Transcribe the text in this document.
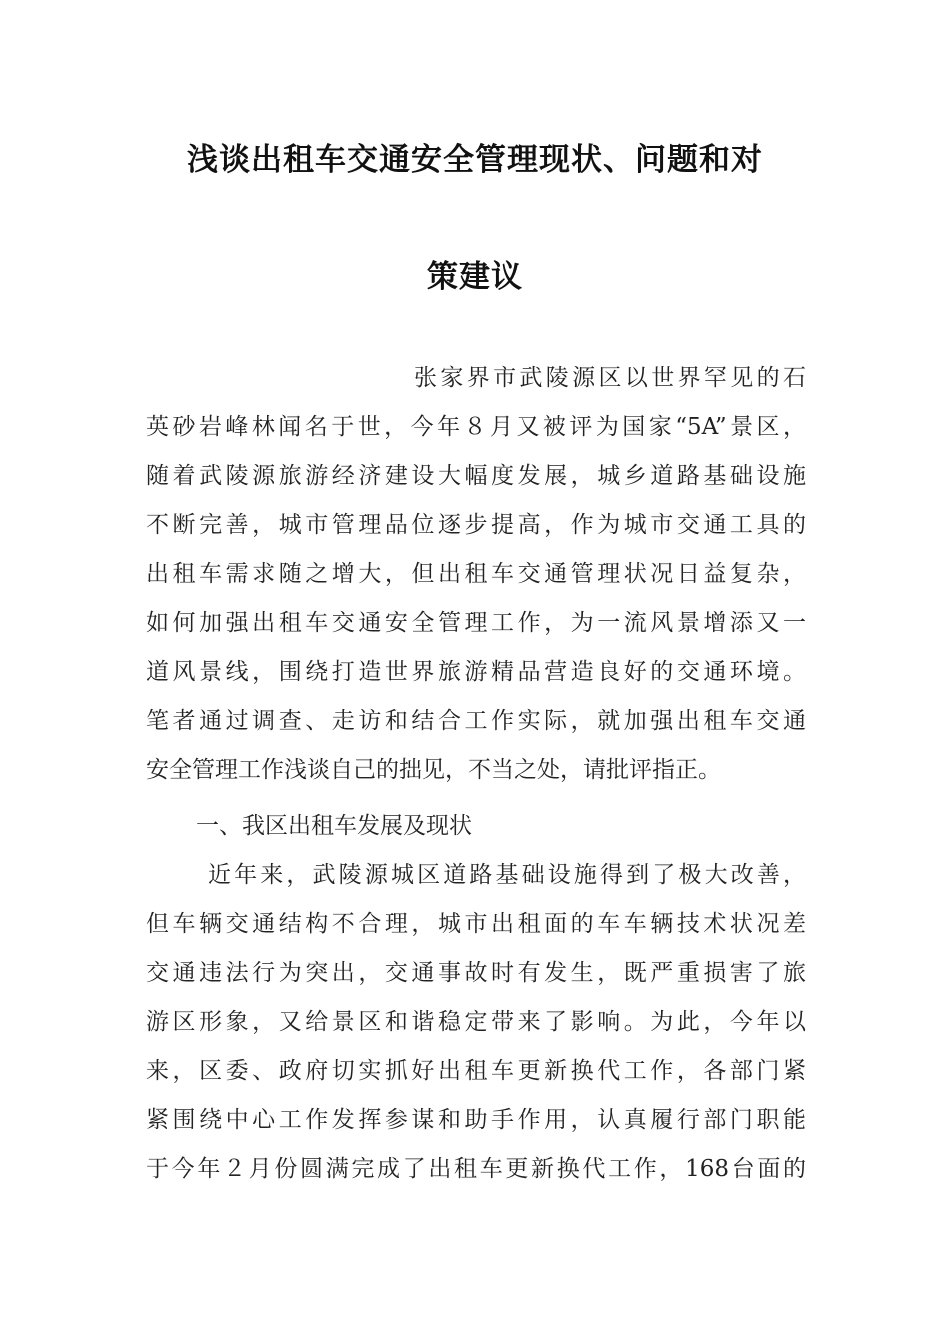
浅谈出租车交通安全管理现状、问题和对
策建议
张家界市武陵源区以世界罕见的石
英砂岩峰林闻名于世，今年８月又被评为国家“5A”景区，
随着武陵源旅游经济建设大幅度发展，城乡道路基础设施
不断完善，城市管理品位逐步提高，作为城市交通工具的
出租车需求随之增大，但出租车交通管理状况日益复杂，
如何加强出租车交通安全管理工作，为一流风景增添又一
道风景线，围绕打造世界旅游精品营造良好的交通环境。
笔者通过调查、走访和结合工作实际，就加强出租车交通
安全管理工作浅谈自己的拙见，不当之处，请批评指正。
一、我区出租车发展及现状
近年来，武陵源城区道路基础设施得到了极大改善，
但车辆交通结构不合理，城市出租面的车车辆技术状况差
交通违法行为突出，交通事故时有发生，既严重损害了旅
游区形象，又给景区和谐稳定带来了影响。为此，今年以
来，区委、政府切实抓好出租车更新换代工作，各部门紧
紧围绕中心工作发挥参谋和助手作用，认真履行部门职能
于今年２月份圆满完成了出租车更新换代工作，168台面的
